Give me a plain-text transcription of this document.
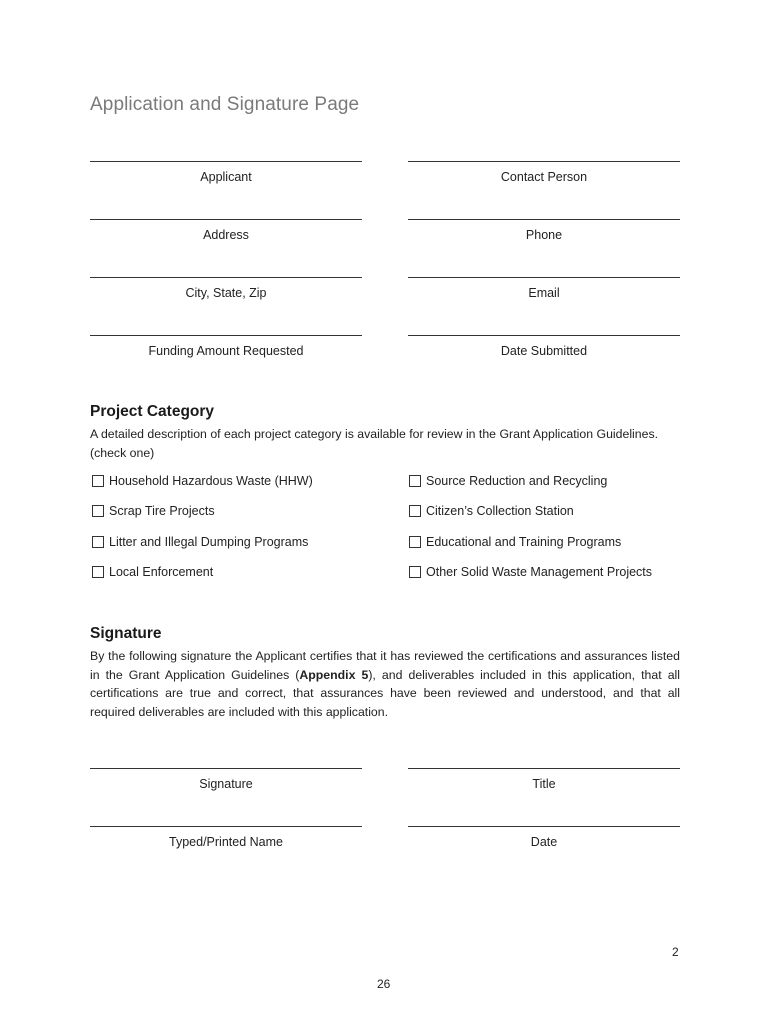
Application and Signature Page
Applicant	Contact Person
Address	Phone
City, State, Zip	Email
Funding Amount Requested	Date Submitted
Project Category
A detailed description of each project category is available for review in the Grant Application Guidelines.
(check one)
Household Hazardous Waste (HHW)	Source Reduction and Recycling
Scrap Tire Projects	Citizen’s Collection Station
Litter and Illegal Dumping Programs	Educational and Training Programs
Local Enforcement	Other Solid Waste Management Projects
Signature
By the following signature the Applicant certifies that it has reviewed the certifications and assurances listed in the Grant Application Guidelines (Appendix 5), and deliverables included in this application, that all certifications are true and correct, that assurances have been reviewed and understood, and that all required deliverables are included with this application.
Signature	Title
Typed/Printed Name	Date
2
26
